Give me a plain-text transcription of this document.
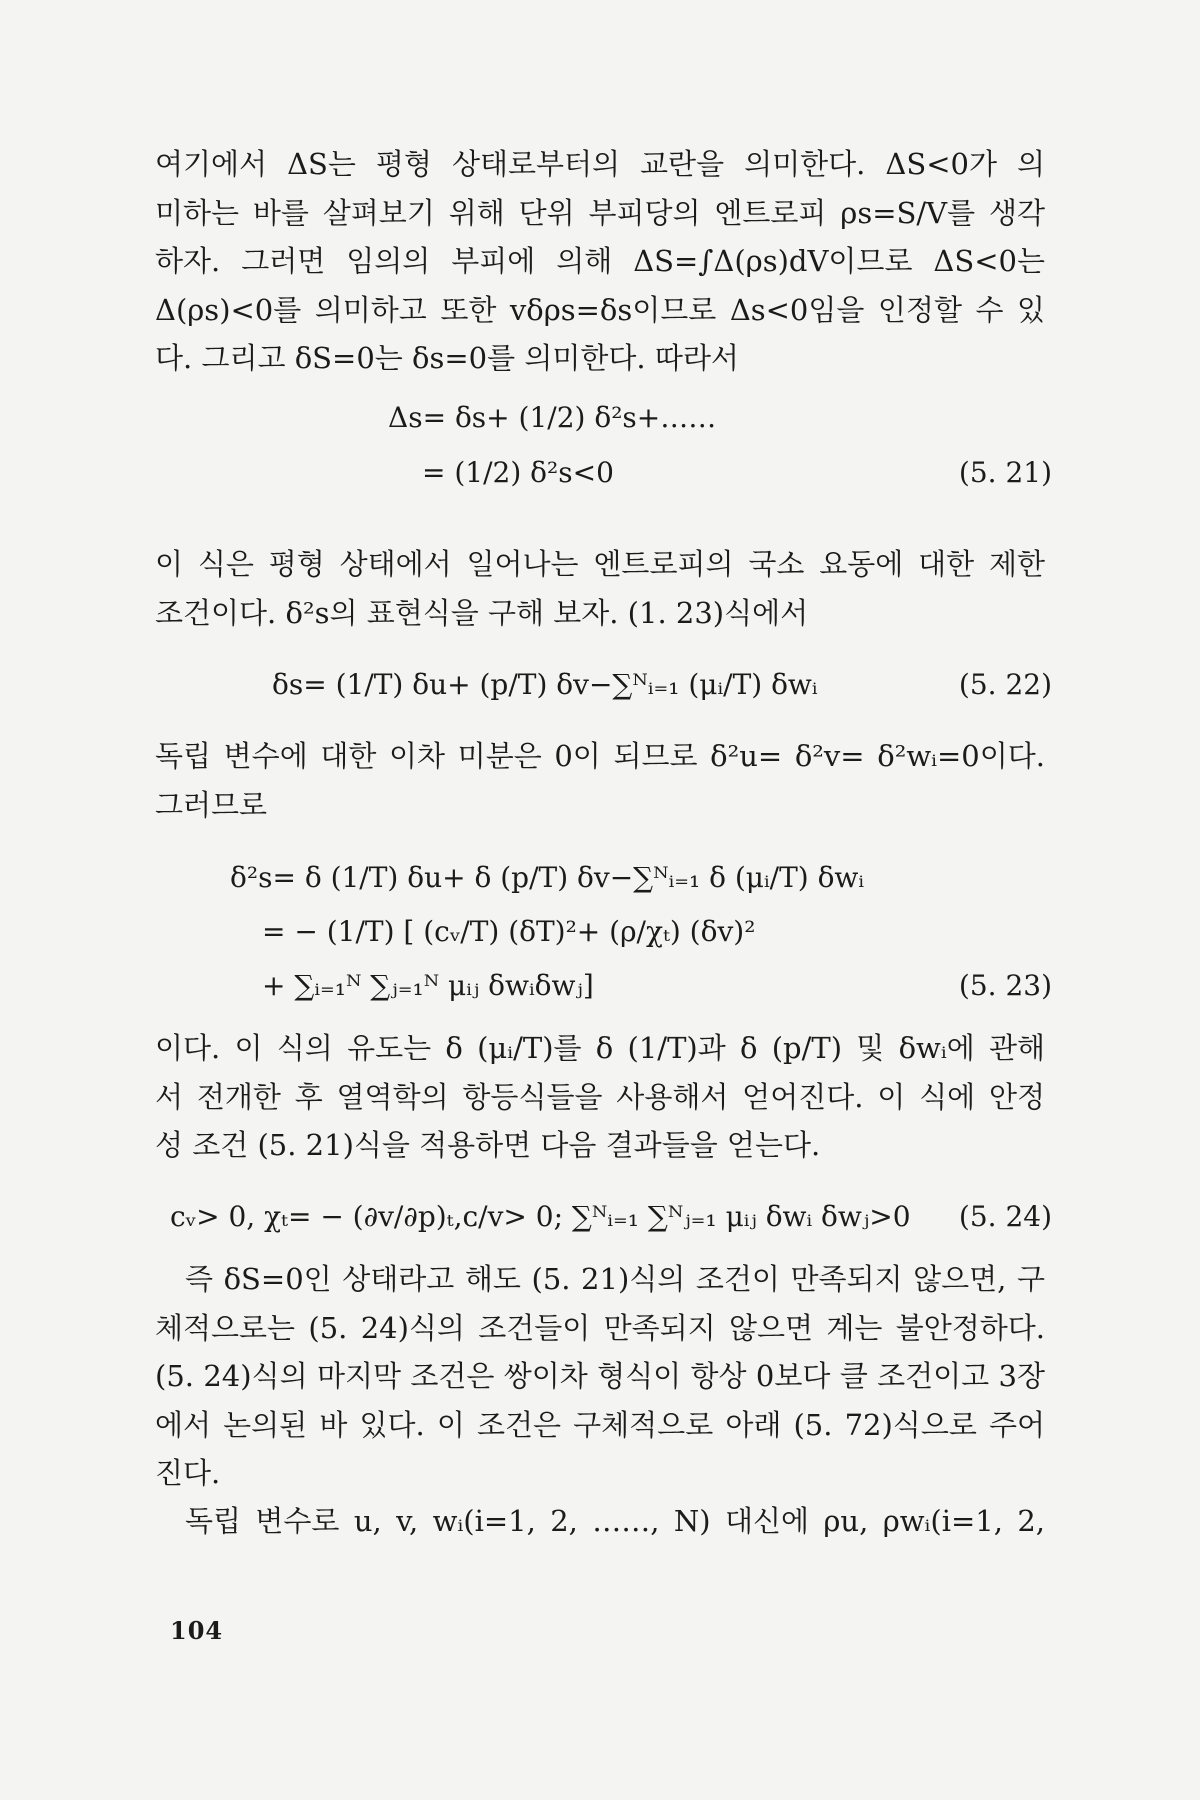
여기에서 ΔS는 평형 상태로부터의 교란을 의미한다. ΔS<0가 의
미하는 바를 살펴보기 위해 단위 부피당의 엔트로피 ρs=S/V를 생각
하자. 그러면 임의의 부피에 의해 ΔS=∫Δ(ρs)dV이므로 ΔS<0는
Δ(ρs)<0를 의미하고 또한 vδρs=δs이므로 Δs<0임을 인정할 수 있
다. 그리고 δS=0는 δs=0를 의미한다. 따라서
Δs= δs+ (1/2) δ²s+……
= (1/2) δ²s<0	(5. 21)
이 식은 평형 상태에서 일어나는 엔트로피의 국소 요동에 대한 제한
조건이다. δ²s의 표현식을 구해 보자. (1. 23)식에서
δs= (1/T) δu+ (p/T) δv−∑ᴺᵢ₌₁ (μᵢ/T) δwᵢ	(5. 22)
독립 변수에 대한 이차 미분은 0이 되므로 δ²u= δ²v= δ²wᵢ=0이다.
그러므로
δ²s= δ (1/T) δu+ δ (p/T) δv−∑ᴺᵢ₌₁ δ (μᵢ/T) δwᵢ
= − (1/T) [ (cᵥ/T) (δT)²+ (ρ/χₜ) (δv)²
+ ∑ᵢ₌₁ᴺ ∑ⱼ₌₁ᴺ μᵢⱼ δwᵢδwⱼ]	(5. 23)
이다. 이 식의 유도는 δ (μᵢ/T)를 δ (1/T)과 δ (p/T) 및 δwᵢ에 관해
서 전개한 후 열역학의 항등식들을 사용해서 얻어진다. 이 식에 안정
성 조건 (5. 21)식을 적용하면 다음 결과들을 얻는다.
cᵥ> 0, χₜ= − (∂v/∂p)ₜ,ᴄ/v> 0; ∑ᴺᵢ₌₁ ∑ᴺⱼ₌₁ μᵢⱼ δwᵢ δwⱼ>0 (5. 24)
즉 δS=0인 상태라고 해도 (5. 21)식의 조건이 만족되지 않으면, 구
체적으로는 (5. 24)식의 조건들이 만족되지 않으면 계는 불안정하다.
(5. 24)식의 마지막 조건은 쌍이차 형식이 항상 0보다 클 조건이고 3장
에서 논의된 바 있다. 이 조건은 구체적으로 아래 (5. 72)식으로 주어
진다.
독립 변수로 u, v, wᵢ(i=1, 2, ……, N) 대신에 ρu, ρwᵢ(i=1, 2,
104
